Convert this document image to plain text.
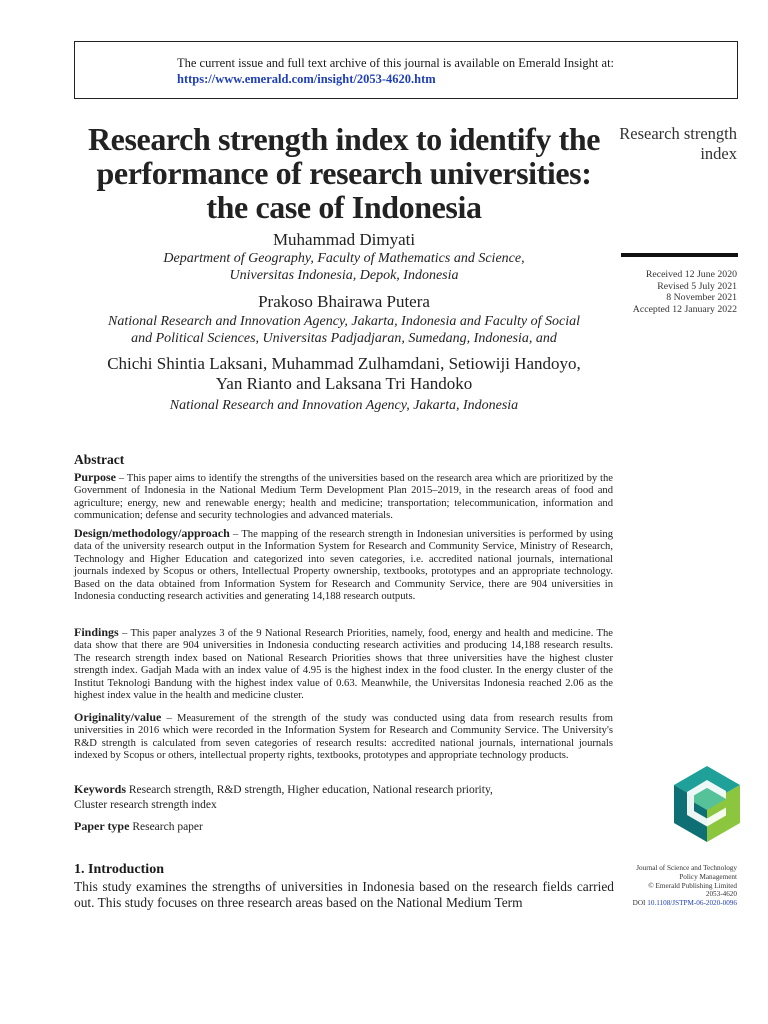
The current issue and full text archive of this journal is available on Emerald Insight at:
https://www.emerald.com/insight/2053-4620.htm
Research strength index to identify the performance of research universities: the case of Indonesia
Research strength index
Received 12 June 2020
Revised 5 July 2021
8 November 2021
Accepted 12 January 2022
Muhammad Dimyati
Department of Geography, Faculty of Mathematics and Science,
Universitas Indonesia, Depok, Indonesia
Prakoso Bhairawa Putera
National Research and Innovation Agency, Jakarta, Indonesia and Faculty of Social
and Political Sciences, Universitas Padjadjaran, Sumedang, Indonesia, and
Chichi Shintia Laksani, Muhammad Zulhamdani, Setiowiji Handoyo,
Yan Rianto and Laksana Tri Handoko
National Research and Innovation Agency, Jakarta, Indonesia
Abstract
Purpose – This paper aims to identify the strengths of the universities based on the research area which are prioritized by the Government of Indonesia in the National Medium Term Development Plan 2015–2019, in the research areas of food and agriculture; energy, new and renewable energy; health and medicine; transportation; telecommunication, information and communication; defense and security technologies and advanced materials.
Design/methodology/approach – The mapping of the research strength in Indonesian universities is performed by using data of the university research output in the Information System for Research and Community Service, Ministry of Research, Technology and Higher Education and categorized into seven categories, i.e. accredited national journals, international journals indexed by Scopus or others, Intellectual Property ownership, textbooks, prototypes and an appropriate technology. Based on the data obtained from Information System for Research and Community Service, there are 904 universities in Indonesia conducting research activities and generating 14,188 research outputs.
Findings – This paper analyzes 3 of the 9 National Research Priorities, namely, food, energy and health and medicine. The data show that there are 904 universities in Indonesia conducting research activities and producing 14,188 research results. The research strength index based on National Research Priorities shows that three universities have the highest cluster strength index. Gadjah Mada with an index value of 4.95 is the highest index in the food cluster. In the energy cluster of the Institut Teknologi Bandung with the highest index value of 0.63. Meanwhile, the Universitas Indonesia reached 2.06 as the highest index value in the health and medicine cluster.
Originality/value – Measurement of the strength of the study was conducted using data from research results from universities in 2016 which were recorded in the Information System for Research and Community Service. The University's R&D strength is calculated from seven categories of research results: accredited national journals, international journals indexed by Scopus or others, intellectual property rights, textbooks, prototypes and appropriate technology products.
Keywords Research strength, R&D strength, Higher education, National research priority,
Cluster research strength index
Paper type Research paper
1. Introduction
This study examines the strengths of universities in Indonesia based on the research fields carried out. This study focuses on three research areas based on the National Medium Term
Journal of Science and Technology
Policy Management
© Emerald Publishing Limited
2053-4620
DOI 10.1108/JSTPM-06-2020-0096
